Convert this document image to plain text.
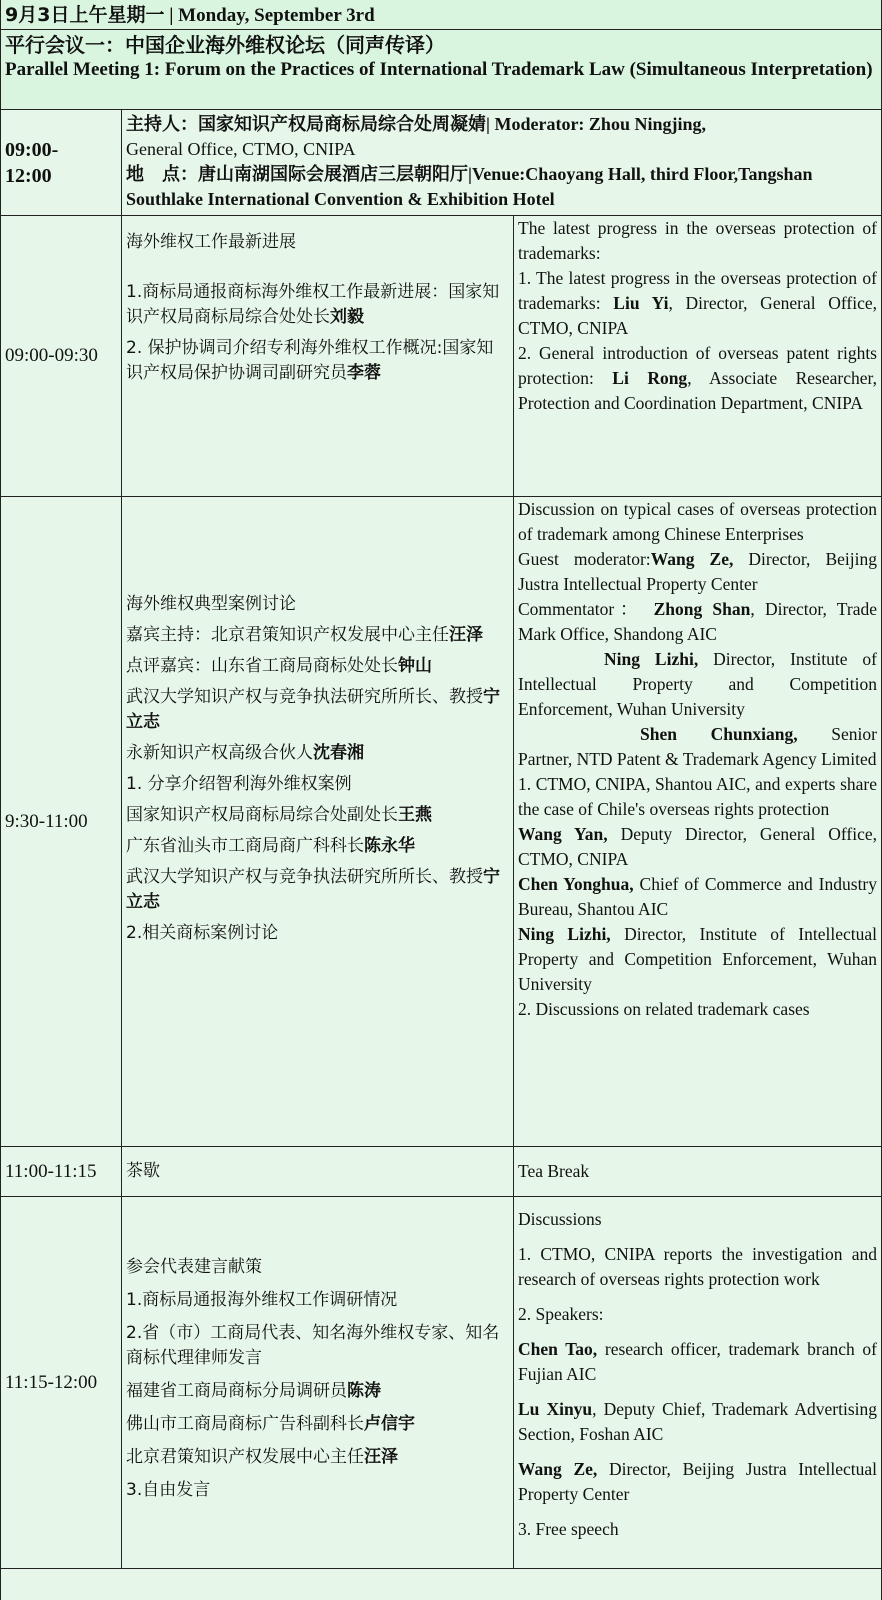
9月3日上午星期一 | Monday, September 3rd
平行会议一：中国企业海外维权论坛（同声传译）
Parallel Meeting 1: Forum on the Practices of International Trademark Law (Simultaneous Interpretation)
09:00-
12:00
主持人：国家知识产权局商标局综合处周凝婧| Moderator: Zhou Ningjing,
General Office, CTMO, CNIPA
地　点：唐山南湖国际会展酒店三层朝阳厅|Venue:Chaoyang Hall, third Floor,Tangshan Southlake International Convention & Exhibition Hotel
09:00-09:30

海外维权工作最新进展

1.商标局通报商标海外维权工作最新进展：国家知识产权局商标局综合处处长刘毅

2. 保护协调司介绍专利海外维权工作概况:国家知识产权局保护协调司副研究员李蓉

The latest progress in the overseas protection of trademarks:

1. The latest progress in the overseas protection of trademarks: Liu Yi, Director, General Office, CTMO, CNIPA

2. General introduction of overseas patent rights protection: Li Rong, Associate Researcher, Protection and Coordination Department, CNIPA

9:30-11:00

海外维权典型案例讨论

嘉宾主持：北京君策知识产权发展中心主任汪泽

点评嘉宾：山东省工商局商标处处长钟山

武汉大学知识产权与竞争执法研究所所长、教授宁立志

永新知识产权高级合伙人沈春湘

1. 分享介绍智利海外维权案例

国家知识产权局商标局综合处副处长王燕

广东省汕头市工商局商广科科长陈永华

武汉大学知识产权与竞争执法研究所所长、教授宁立志

2.相关商标案例讨论

Discussion on typical cases of overseas protection of trademark among Chinese Enterprises

Guest moderator:Wang Ze, Director, Beijing Justra Intellectual Property Center

Commentator： Zhong Shan, Director, Trade Mark Office, Shandong AIC

Ning Lizhi, Director, Institute of Intellectual Property and Competition Enforcement, Wuhan University

Shen Chunxiang, Senior Partner, NTD Patent & Trademark Agency Limited

1. CTMO, CNIPA, Shantou AIC, and experts share the case of Chile's overseas rights protection

Wang Yan, Deputy Director, General Office, CTMO, CNIPA

Chen Yonghua, Chief of Commerce and Industry Bureau, Shantou AIC

Ning Lizhi, Director, Institute of Intellectual Property and Competition Enforcement, Wuhan University

2. Discussions on related trademark cases

11:00-11:15	茶歇	Tea Break

11:15-12:00

参会代表建言献策

1.商标局通报海外维权工作调研情况

2.省（市）工商局代表、知名海外维权专家、知名商标代理律师发言

福建省工商局商标分局调研员陈涛

佛山市工商局商标广告科副科长卢信宇

北京君策知识产权发展中心主任汪泽

3.自由发言

Discussions

1. CTMO, CNIPA reports the investigation and research of overseas rights protection work

2. Speakers:

Chen Tao, research officer, trademark branch of Fujian AIC

Lu Xinyu, Deputy Chief, Trademark Advertising Section, Foshan AIC

Wang Ze, Director, Beijing Justra Intellectual Property Center

3. Free speech
